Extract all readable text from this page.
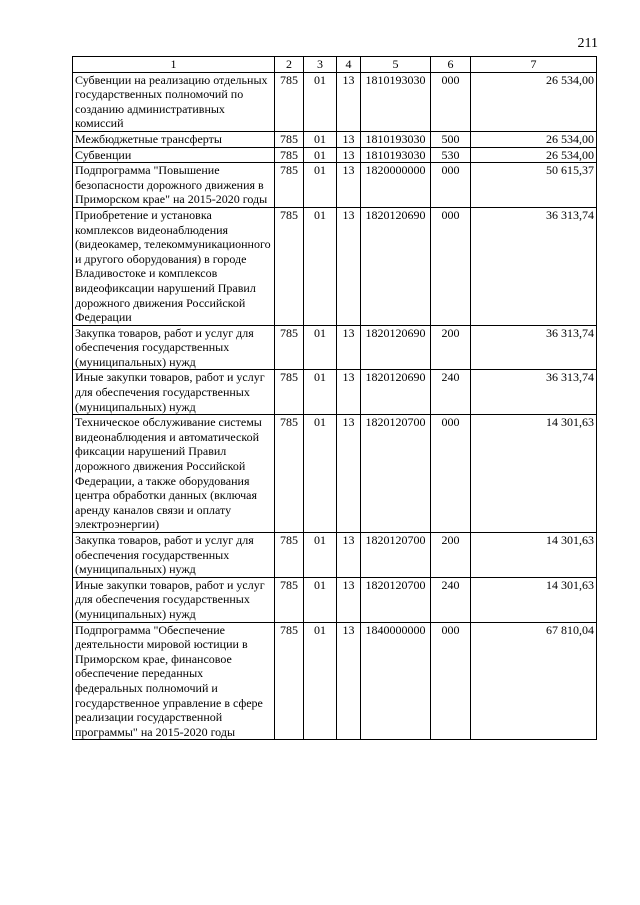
211
1	2	3	4	5	6	7
Субвенции на реализацию отдельных государственных полномочий по созданию административных комиссий	785	01	13	1810193030	000	26 534,00
Межбюджетные трансферты	785	01	13	1810193030	500	26 534,00
Субвенции	785	01	13	1810193030	530	26 534,00
Подпрограмма "Повышение безопасности дорожного движения в Приморском крае" на 2015-2020 годы	785	01	13	1820000000	000	50 615,37
Приобретение и установка комплексов видеонаблюдения (видеокамер, телекоммуникационного и другого оборудования) в городе Владивостоке и комплексов видеофиксации нарушений Правил дорожного движения Российской Федерации	785	01	13	1820120690	000	36 313,74
Закупка товаров, работ и услуг для обеспечения государственных (муниципальных) нужд	785	01	13	1820120690	200	36 313,74
Иные закупки товаров, работ и услуг для обеспечения государственных (муниципальных) нужд	785	01	13	1820120690	240	36 313,74
Техническое обслуживание системы видеонаблюдения и автоматической фиксации нарушений Правил дорожного движения Российской Федерации, а также оборудования центра обработки данных (включая аренду каналов связи и оплату электроэнергии)	785	01	13	1820120700	000	14 301,63
Закупка товаров, работ и услуг для обеспечения государственных (муниципальных) нужд	785	01	13	1820120700	200	14 301,63
Иные закупки товаров, работ и услуг для обеспечения государственных (муниципальных) нужд	785	01	13	1820120700	240	14 301,63
Подпрограмма "Обеспечение деятельности мировой юстиции в Приморском крае, финансовое обеспечение переданных федеральных полномочий и государственное управление в сфере реализации государственной программы" на 2015-2020 годы	785	01	13	1840000000	000	67 810,04
